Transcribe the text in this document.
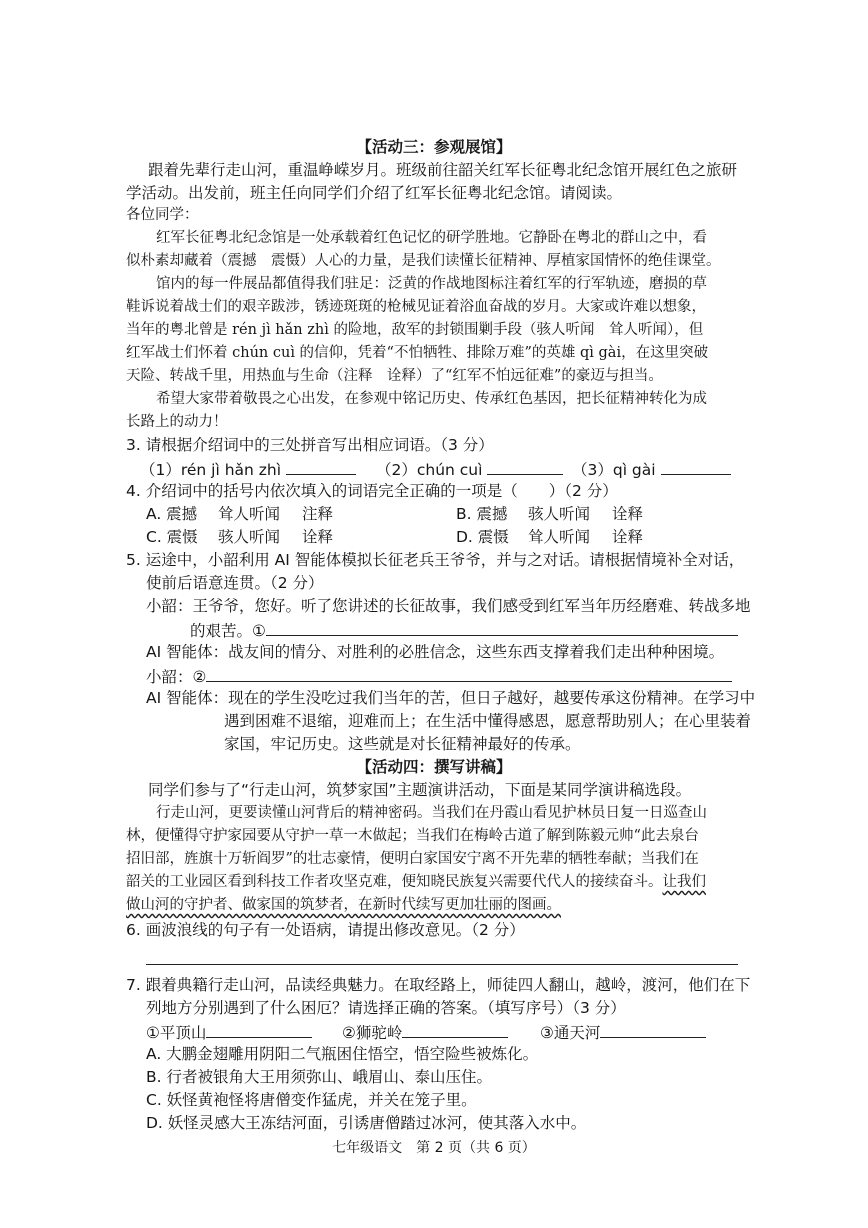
【活动三：参观展馆】
跟着先辈行走山河，重温峥嵘岁月。班级前往韶关红军长征粤北纪念馆开展红色之旅研
学活动。出发前，班主任向同学们介绍了红军长征粤北纪念馆。请阅读。
各位同学：
红军长征粤北纪念馆是一处承载着红色记忆的研学胜地。它静卧在粤北的群山之中，看
似朴素却藏着（震撼　震慑）人心的力量，是我们读懂长征精神、厚植家国情怀的绝佳课堂。
馆内的每一件展品都值得我们驻足：泛黄的作战地图标注着红军的行军轨迹，磨损的草
鞋诉说着战士们的艰辛跋涉，锈迹斑斑的枪械见证着浴血奋战的岁月。大家或许难以想象，
当年的粤北曾是 rén jì hǎn zhì 的险地，敌军的封锁围剿手段（骇人听闻　耸人听闻），但
红军战士们怀着 chún cuì 的信仰，凭着“不怕牺牲、排除万难”的英雄 qì gài，在这里突破
天险、转战千里，用热血与生命（注释　诠释）了“红军不怕远征难”的豪迈与担当。
希望大家带着敬畏之心出发，在参观中铭记历史、传承红色基因，把长征精神转化为成
长路上的动力！
3. 请根据介绍词中的三处拼音写出相应词语。（3 分）
（1）rén jì hǎn zhì	（2）chún cuì	（3）qì gài
4. 介绍词中的括号内依次填入的词语完全正确的一项是（　　）（2 分）
A. 震撼 耸人听闻 注释	B. 震撼 骇人听闻 诠释
C. 震慑 骇人听闻 诠释	D. 震慑 耸人听闻 诠释
5. 运途中，小韶利用 AI 智能体模拟长征老兵王爷爷，并与之对话。请根据情境补全对话，
使前后语意连贯。（2 分）
小韶：王爷爷，您好。听了您讲述的长征故事，我们感受到红军当年历经磨难、转战多地
的艰苦。①
AI 智能体：战友间的情分、对胜利的必胜信念，这些东西支撑着我们走出种种困境。
小韶：②
AI 智能体：现在的学生没吃过我们当年的苦，但日子越好，越要传承这份精神。在学习中
遇到困难不退缩，迎难而上；在生活中懂得感恩，愿意帮助别人；在心里装着
家国，牢记历史。这些就是对长征精神最好的传承。
【活动四：撰写讲稿】
同学们参与了“行走山河，筑梦家国”主题演讲活动，下面是某同学演讲稿选段。
行走山河，更要读懂山河背后的精神密码。当我们在丹霞山看见护林员日复一日巡查山
林，便懂得守护家园要从守护一草一木做起；当我们在梅岭古道了解到陈毅元帅“此去泉台
招旧部，旌旗十万斩阎罗”的壮志豪情，便明白家国安宁离不开先辈的牺牲奉献；当我们在
韶关的工业园区看到科技工作者攻坚克难，便知晓民族复兴需要代代人的接续奋斗。让我们
做山河的守护者、做家国的筑梦者，在新时代续写更加壮丽的图画。
6. 画波浪线的句子有一处语病，请提出修改意见。（2 分）
7. 跟着典籍行走山河，品读经典魅力。在取经路上，师徒四人翻山，越岭，渡河，他们在下
列地方分别遇到了什么困厄？请选择正确的答案。（填写序号）（3 分）
①平顶山	②狮驼岭	③通天河
A. 大鹏金翅雕用阴阳二气瓶困住悟空，悟空险些被炼化。
B. 行者被银角大王用须弥山、峨眉山、泰山压住。
C. 妖怪黄袍怪将唐僧变作猛虎，并关在笼子里。
D. 妖怪灵感大王冻结河面，引诱唐僧踏过冰河，使其落入水中。
七年级语文　第 2 页（共 6 页）
